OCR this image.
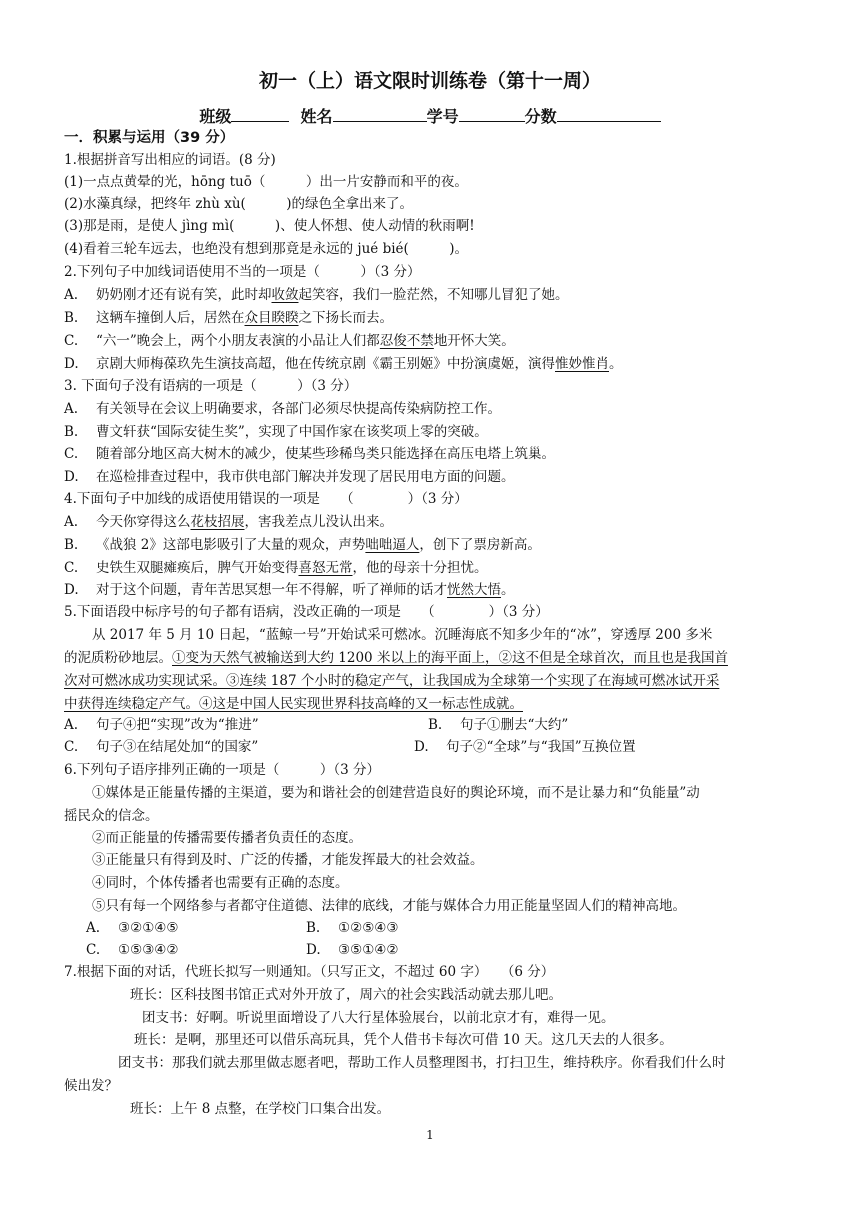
初一（上）语文限时训练卷（第十一周）
班级	姓名	学号	分数
一．积累与运用（39 分）
1.根据拼音写出相应的词语。(8 分)
(1)一点点黄晕的光，hōng tuō（　　　）出一片安静而和平的夜。
(2)水藻真绿，把终年 zhù xù(　　　)的绿色全拿出来了。
(3)那是雨，是使人 jìng mì(　　　)、使人怀想、使人动情的秋雨啊!
(4)看着三轮车远去，也绝没有想到那竟是永远的 jué bié(　　　)。
2.下列句子中加线词语使用不当的一项是（　　　）（3 分）
A. 奶奶刚才还有说有笑，此时却收敛起笑容，我们一脸茫然，不知哪儿冒犯了她。
B. 这辆车撞倒人后，居然在众目睽睽之下扬长而去。
C. “六一”晚会上，两个小朋友表演的小品让人们都忍俊不禁地开怀大笑。
D. 京剧大师梅葆玖先生演技高超，他在传统京剧《霸王别姬》中扮演虞姬，演得惟妙惟肖。
3. 下面句子没有语病的一项是（　　　）（3 分）
A. 有关领导在会议上明确要求，各部门必须尽快提高传染病防控工作。
B. 曹文轩获“国际安徒生奖”，实现了中国作家在该奖项上零的突破。
C. 随着部分地区高大树木的减少，使某些珍稀鸟类只能选择在高压电塔上筑巢。
D. 在巡检排查过程中，我市供电部门解决并发现了居民用电方面的问题。
4.下面句子中加线的成语使用错误的一项是　　（　　　　）（3 分）
A. 今天你穿得这么花枝招展，害我差点儿没认出来。
B. 《战狼 2》这部电影吸引了大量的观众，声势咄咄逼人，创下了票房新高。
C. 史铁生双腿瘫痪后，脾气开始变得喜怒无常，他的母亲十分担忧。
D. 对于这个问题，青年苦思冥想一年不得解，听了禅师的话才恍然大悟。
5.下面语段中标序号的句子都有语病，没改正确的一项是　　（　　　　）（3 分）
从 2017 年 5 月 10 日起，“蓝鲸一号”开始试采可燃冰。沉睡海底不知多少年的“冰”，穿透厚 200 多米
的泥质粉砂地层。①变为天然气被输送到大约 1200 米以上的海平面上，②这不但是全球首次，而且也是我国首
次对可燃冰成功实现试采。③连续 187 个小时的稳定产气，让我国成为全球第一个实现了在海域可燃冰试开采
中获得连续稳定产气。④这是中国人民实现世界科技高峰的又一标志性成就。
A. 句子④把“实现”改为“推进”	B. 句子①删去“大约”
C. 句子③在结尾处加“的国家”	D. 句子②“全球”与“我国”互换位置
6.下列句子语序排列正确的一项是（　　　）（3 分）
①媒体是正能量传播的主渠道，要为和谐社会的创建营造良好的舆论环境，而不是让暴力和“负能量”动
摇民众的信念。
②而正能量的传播需要传播者负责任的态度。
③正能量只有得到及时、广泛的传播，才能发挥最大的社会效益。
④同时，个体传播者也需要有正确的态度。
⑤只有每一个网络参与者都守住道德、法律的底线，才能与媒体合力用正能量坚固人们的精神高地。
A. ③②①④⑤	B. ①②⑤④③
C. ①⑤③④②	D. ③⑤①④②
7.根据下面的对话，代班长拟写一则通知。（只写正文，不超过 60 字）　　（6 分）
班长：区科技图书馆正式对外开放了，周六的社会实践活动就去那儿吧。
团支书：好啊。听说里面增设了八大行星体验展台，以前北京才有，难得一见。
班长：是啊，那里还可以借乐高玩具，凭个人借书卡每次可借 10 天。这几天去的人很多。
团支书：那我们就去那里做志愿者吧，帮助工作人员整理图书，打扫卫生，维持秩序。你看我们什么时
候出发？
班长：上午 8 点整，在学校门口集合出发。
1
